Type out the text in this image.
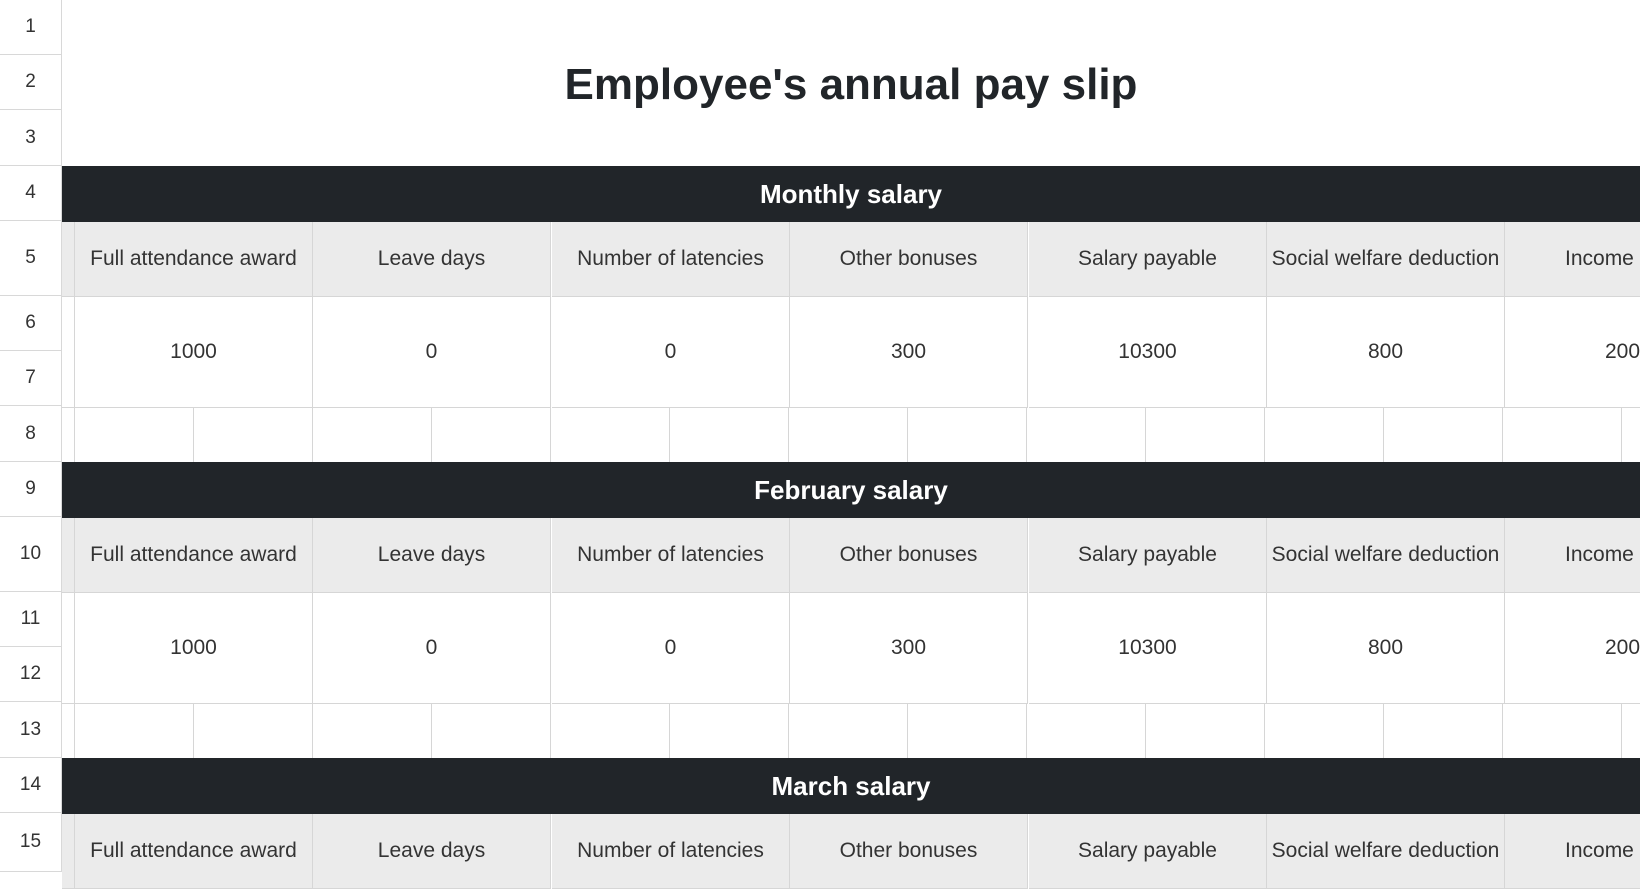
1
2
3
4
5
6
7
8
9
10
11
12
13
14
15
Monthly salary
Full attendance award	Leave days	Number of latencies	Other bonuses	Salary payable	Social welfare deduction	Income
1000	0	0	300	10300	800	200
February salary
Full attendance award	Leave days	Number of latencies	Other bonuses	Salary payable	Social welfare deduction	Income
1000	0	0	300	10300	800	200
March salary
Full attendance award	Leave days	Number of latencies	Other bonuses	Salary payable	Social welfare deduction	Income
Employee's annual pay slip
